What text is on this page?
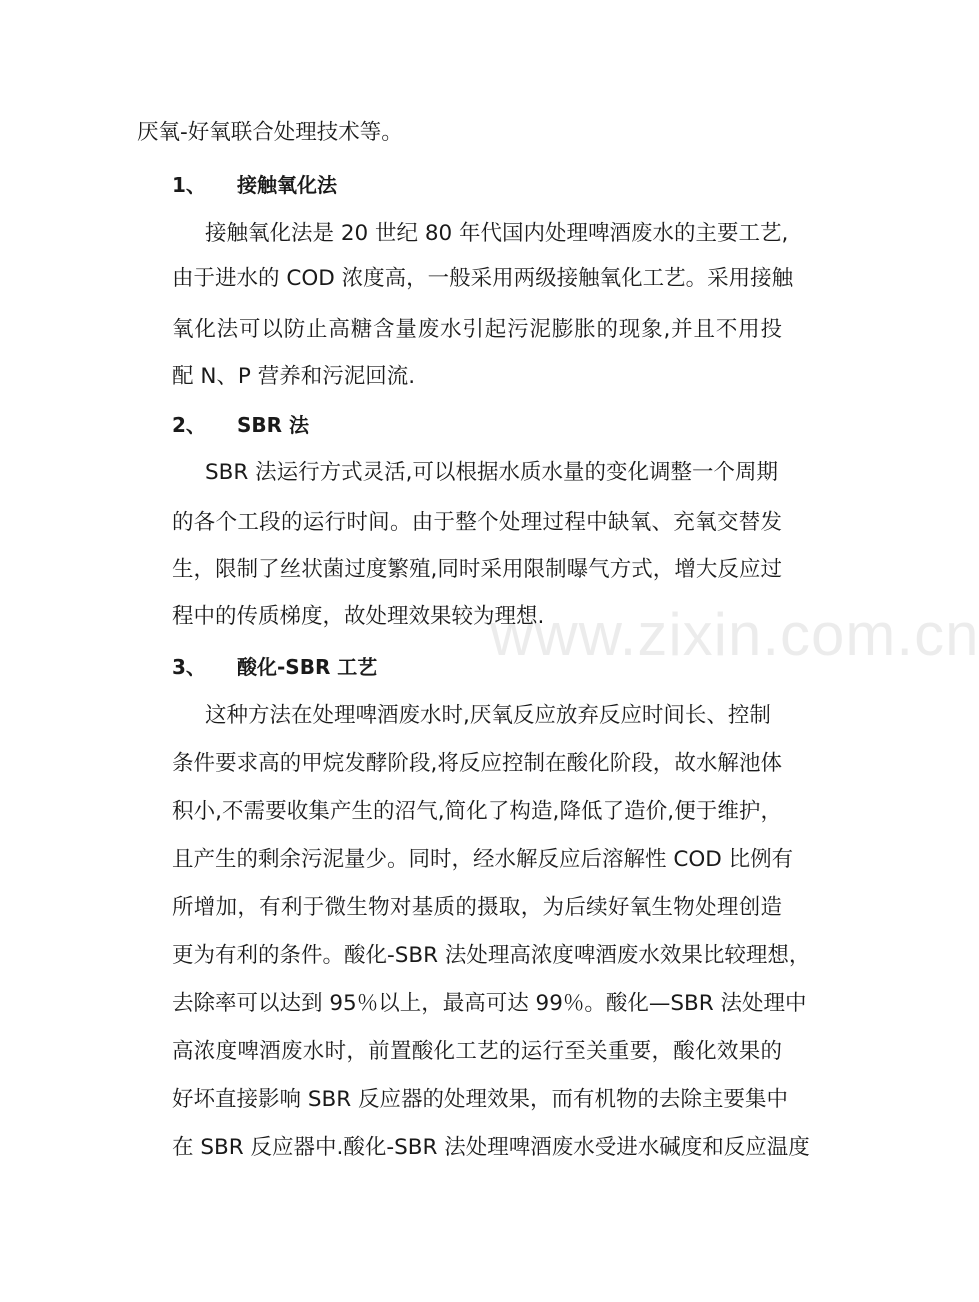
厌氧-好氧联合处理技术等。

1、 接触氧化法

接触氧化法是 20 世纪 80 年代国内处理啤酒废水的主要工艺,

由于进水的 COD 浓度高，一般采用两级接触氧化工艺。采用接触

氧化法可以防止高糖含量废水引起污泥膨胀的现象,并且不用投

配 N、P 营养和污泥回流.

2、 SBR 法

SBR 法运行方式灵活,可以根据水质水量的变化调整一个周期

的各个工段的运行时间。由于整个处理过程中缺氧、充氧交替发

生，限制了丝状菌过度繁殖,同时采用限制曝气方式，增大反应过

程中的传质梯度，故处理效果较为理想.

3、 酸化-SBR 工艺

这种方法在处理啤酒废水时,厌氧反应放弃反应时间长、控制

条件要求高的甲烷发酵阶段,将反应控制在酸化阶段，故水解池体

积小,不需要收集产生的沼气,简化了构造,降低了造价,便于维护，

且产生的剩余污泥量少。同时，经水解反应后溶解性 COD 比例有

所增加，有利于微生物对基质的摄取，为后续好氧生物处理创造

更为有利的条件。酸化-SBR 法处理高浓度啤酒废水效果比较理想，

去除率可以达到 95％以上，最高可达 99％。酸化—SBR 法处理中

高浓度啤酒废水时，前置酸化工艺的运行至关重要，酸化效果的

好坏直接影响 SBR 反应器的处理效果，而有机物的去除主要集中

在 SBR 反应器中.酸化-SBR 法处理啤酒废水受进水碱度和反应温度

www.zixin.com.cn
